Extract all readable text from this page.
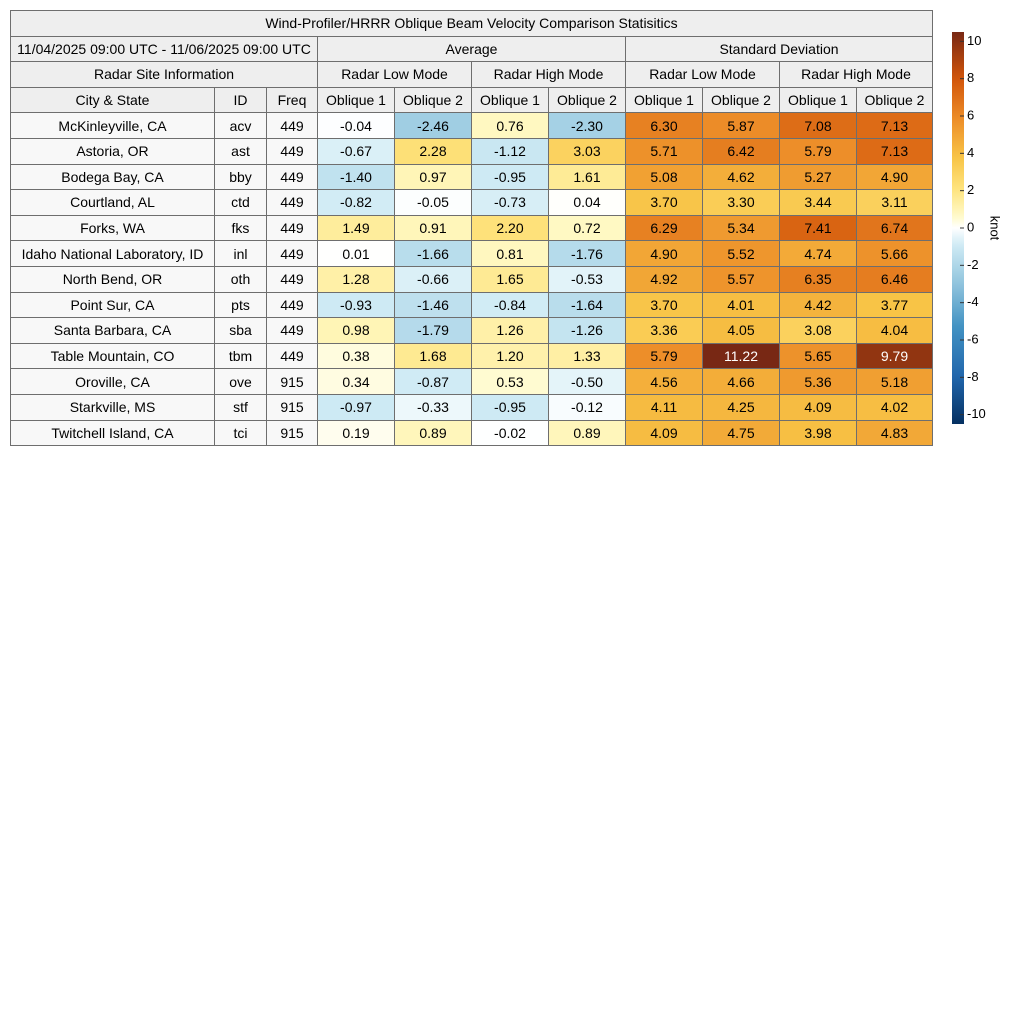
Wind-Profiler/HRRR Oblique Beam Velocity Comparison Statisitics										
11/04/2025 09:00 UTC - 11/06/2025 09:00 UTC			Average				Standard Deviation			
Radar Site Information			Radar Low Mode		Radar High Mode		Radar Low Mode		Radar High Mode	
City & State	ID	Freq	Oblique 1	Oblique 2	Oblique 1	Oblique 2	Oblique 1	Oblique 2	Oblique 1	Oblique 2
McKinleyville, CA	acv	449	-0.04	-2.46	0.76	-2.30	6.30	5.87	7.08	7.13
Astoria, OR	ast	449	-0.67	2.28	-1.12	3.03	5.71	6.42	5.79	7.13
Bodega Bay, CA	bby	449	-1.40	0.97	-0.95	1.61	5.08	4.62	5.27	4.90
Courtland, AL	ctd	449	-0.82	-0.05	-0.73	0.04	3.70	3.30	3.44	3.11
Forks, WA	fks	449	1.49	0.91	2.20	0.72	6.29	5.34	7.41	6.74
Idaho National Laboratory, ID	inl	449	0.01	-1.66	0.81	-1.76	4.90	5.52	4.74	5.66
North Bend, OR	oth	449	1.28	-0.66	1.65	-0.53	4.92	5.57	6.35	6.46
Point Sur, CA	pts	449	-0.93	-1.46	-0.84	-1.64	3.70	4.01	4.42	3.77
Santa Barbara, CA	sba	449	0.98	-1.79	1.26	-1.26	3.36	4.05	3.08	4.04
Table Mountain, CO	tbm	449	0.38	1.68	1.20	1.33	5.79	11.22	5.65	9.79
Oroville, CA	ove	915	0.34	-0.87	0.53	-0.50	4.56	4.66	5.36	5.18
Starkville, MS	stf	915	-0.97	-0.33	-0.95	-0.12	4.11	4.25	4.09	4.02
Twitchell Island, CA	tci	915	0.19	0.89	-0.02	0.89	4.09	4.75	3.98	4.83
10
8
6
4
2
0
-2
-4
-6
-8
-10
knot
